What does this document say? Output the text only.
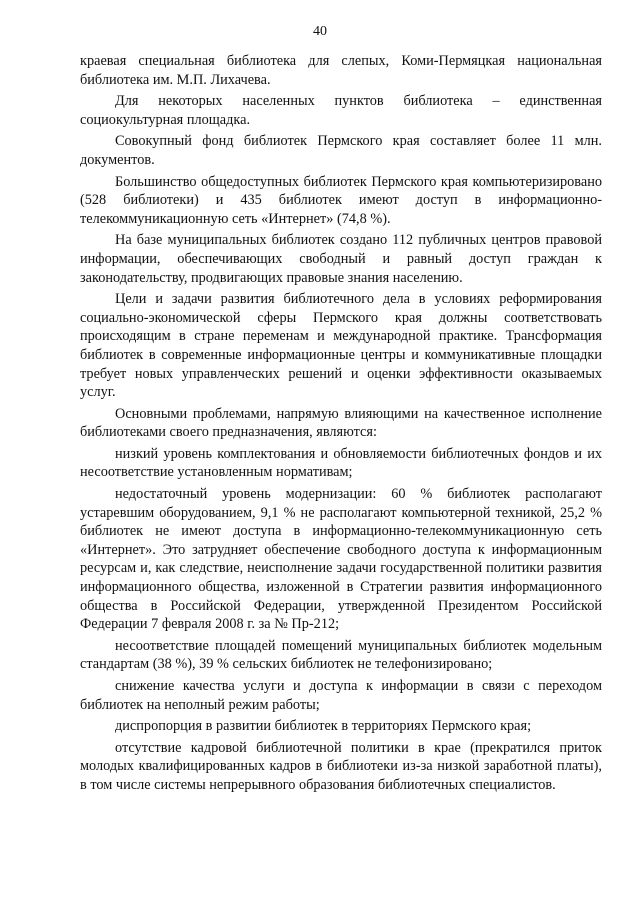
40

краевая специальная библиотека для слепых, Коми-Пермяцкая национальная библиотека им. М.П. Лихачева.

Для некоторых населенных пунктов библиотека – единственная социокультурная площадка.

Совокупный фонд библиотек Пермского края составляет более 11 млн. документов.

Большинство общедоступных библиотек Пермского края компьютеризировано (528 библиотеки) и 435 библиотек имеют доступ в информационно-телекоммуникационную сеть «Интернет» (74,8 %).

На базе муниципальных библиотек создано 112 публичных центров правовой информации, обеспечивающих свободный и равный доступ граждан к законодательству, продвигающих правовые знания населению.

Цели и задачи развития библиотечного дела в условиях реформирования социально-экономической сферы Пермского края должны соответствовать происходящим в стране переменам и международной практике. Трансформация библиотек в современные информационные центры и коммуникативные площадки требует новых управленческих решений и оценки эффективности оказываемых услуг.

Основными проблемами, напрямую влияющими на качественное исполнение библиотеками своего предназначения, являются:

низкий уровень комплектования и обновляемости библиотечных фондов и их несоответствие установленным нормативам;

недостаточный уровень модернизации: 60 % библиотек располагают устаревшим оборудованием, 9,1 % не располагают компьютерной техникой, 25,2 % библиотек не имеют доступа в информационно-телекоммуникационную сеть «Интернет». Это затрудняет обеспечение свободного доступа к информационным ресурсам и, как следствие, неисполнение задачи государственной политики развития информационного общества, изложенной в Стратегии развития информационного общества в Российской Федерации, утвержденной Президентом Российской Федерации 7 февраля 2008 г. за № Пр-212;

несоответствие площадей помещений муниципальных библиотек модельным стандартам (38 %), 39 % сельских библиотек не телефонизировано;

снижение качества услуги и доступа к информации в связи с переходом библиотек на неполный режим работы;

диспропорция в развитии библиотек в территориях Пермского края;

отсутствие кадровой библиотечной политики в крае (прекратился приток молодых квалифицированных кадров в библиотеки из-за низкой заработной платы), в том числе системы непрерывного образования библиотечных специалистов.
